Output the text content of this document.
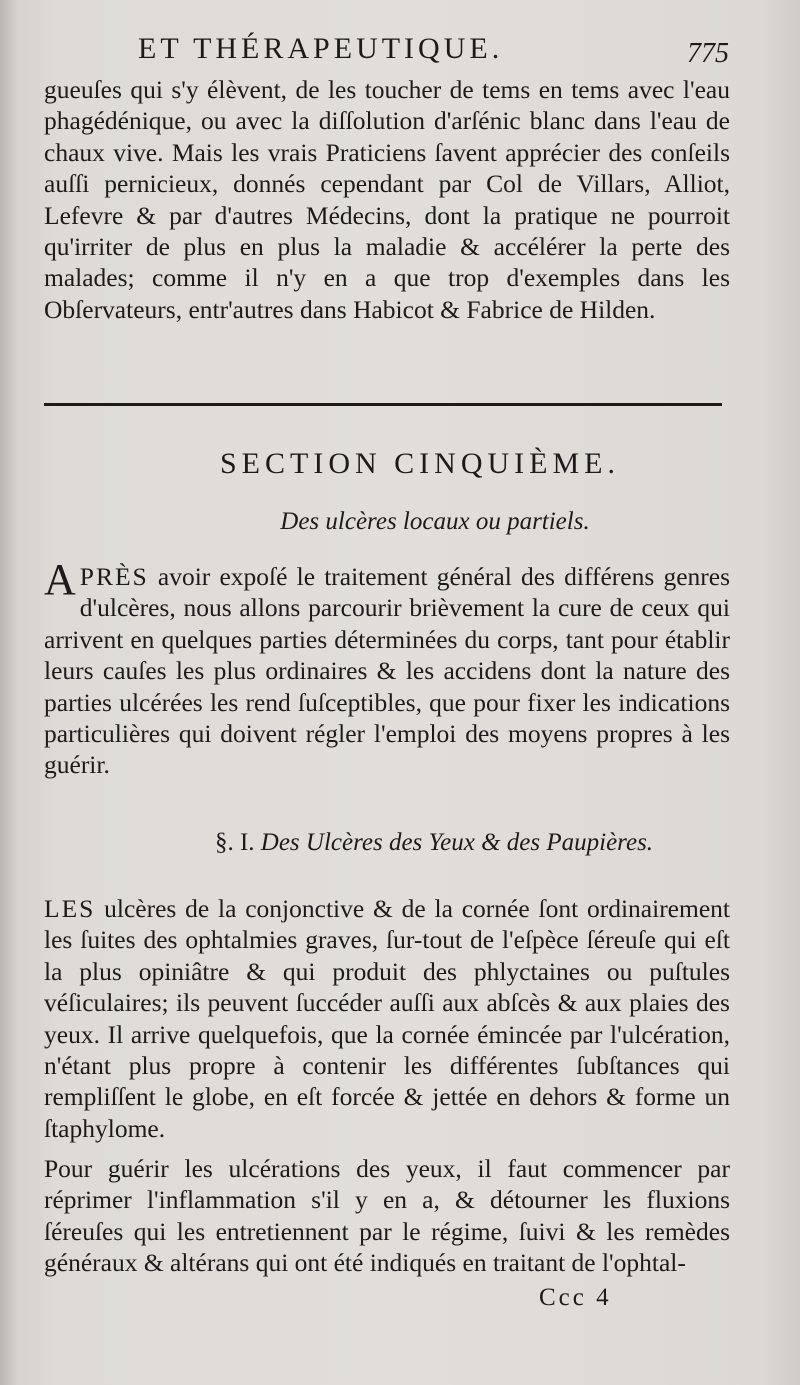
ET THÉRAPEUTIQUE.	775

gueuſes qui s'y élèvent, de les toucher de tems en tems avec l'eau phagédénique, ou avec la diſſolution d'arſénic blanc dans l'eau de chaux vive. Mais les vrais Praticiens ſavent apprécier des conſeils auſſi pernicieux, donnés cependant par Col de Villars, Alliot, Lefevre & par d'autres Médecins, dont la pratique ne pourroit qu'irriter de plus en plus la maladie & accélérer la perte des malades; comme il n'y en a que trop d'exemples dans les Obſervateurs, entr'autres dans Habicot & Fabrice de Hilden.

SECTION CINQUIÈME.
Des ulcères locaux ou partiels.

APRÈS avoir expoſé le traitement général des différens genres d'ulcères, nous allons parcourir brièvement la cure de ceux qui arrivent en quelques parties déterminées du corps, tant pour établir leurs cauſes les plus ordinaires & les accidens dont la nature des parties ulcérées les rend ſuſceptibles, que pour fixer les indications particulières qui doivent régler l'emploi des moyens propres à les guérir.

§. I. Des Ulcères des Yeux & des Paupières.

LES ulcères de la conjonctive & de la cornée ſont ordinairement les ſuites des ophtalmies graves, ſur-tout de l'eſpèce ſéreuſe qui eſt la plus opiniâtre & qui produit des phlyctaines ou puſtules véſiculaires; ils peuvent ſuccéder auſſi aux abſcès & aux plaies des yeux. Il arrive quelquefois, que la cornée émincée par l'ulcération, n'étant plus propre à contenir les différentes ſubſtances qui rempliſſent le globe, en eſt forcée & jettée en dehors & forme un ſtaphylome.

Pour guérir les ulcérations des yeux, il faut commencer par réprimer l'inflammation s'il y en a, & détourner les fluxions ſéreuſes qui les entretiennent par le régime, ſuivi & les remèdes généraux & altérans qui ont été indiqués en traitant de l'ophtal-

Ccc 4
